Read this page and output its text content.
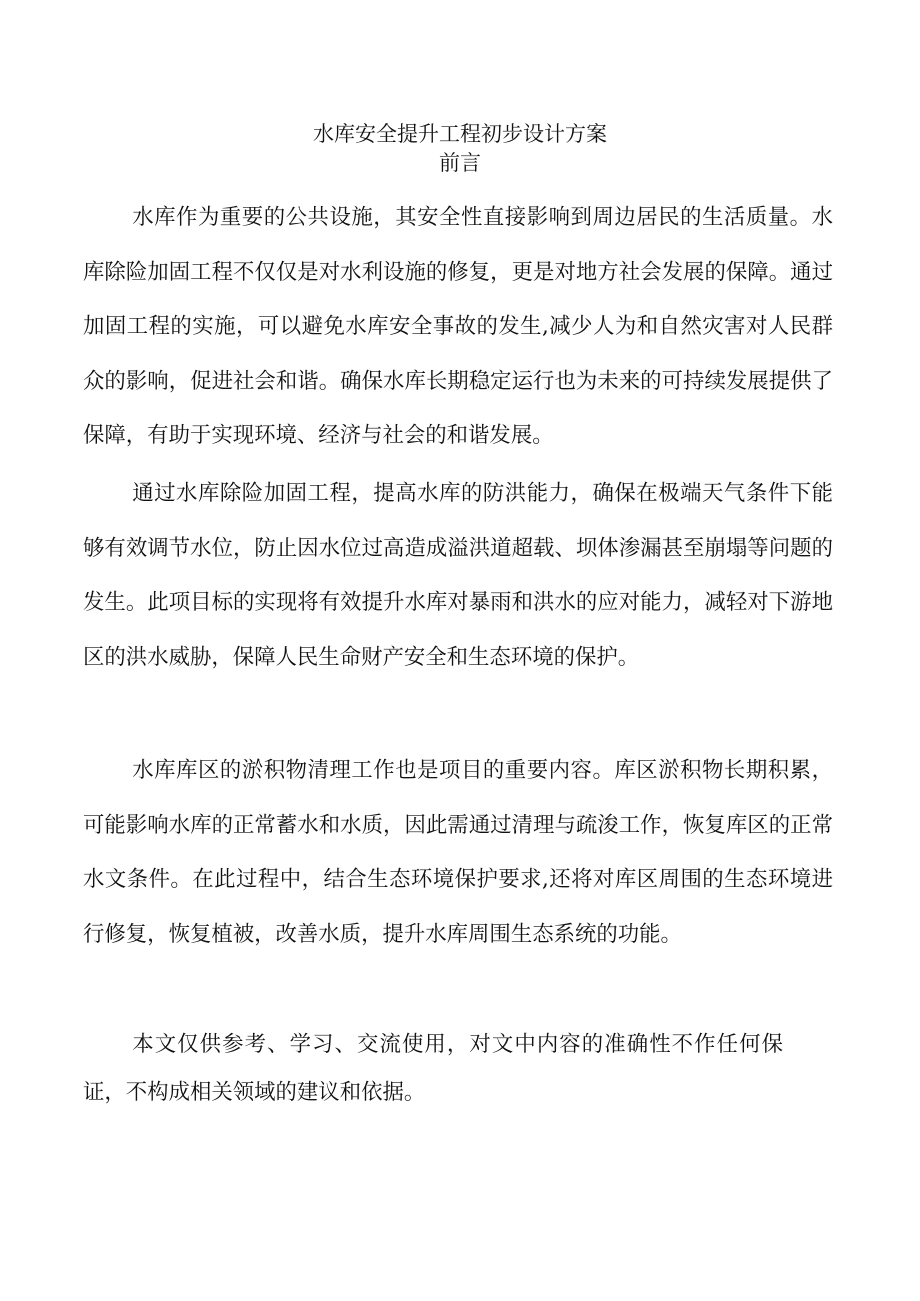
水库安全提升工程初步设计方案
前言

水库作为重要的公共设施，其安全性直接影响到周边居民的生活质量。水库除险加固工程不仅仅是对水利设施的修复，更是对地方社会发展的保障。通过加固工程的实施，可以避免水库安全事故的发生,减少人为和自然灾害对人民群众的影响，促进社会和谐。确保水库长期稳定运行也为未来的可持续发展提供了保障，有助于实现环境、经济与社会的和谐发展。

通过水库除险加固工程，提高水库的防洪能力，确保在极端天气条件下能够有效调节水位，防止因水位过高造成溢洪道超载、坝体渗漏甚至崩塌等问题的发生。此项目标的实现将有效提升水库对暴雨和洪水的应对能力，减轻对下游地区的洪水威胁，保障人民生命财产安全和生态环境的保护。

水库库区的淤积物清理工作也是项目的重要内容。库区淤积物长期积累，可能影响水库的正常蓄水和水质，因此需通过清理与疏浚工作，恢复库区的正常水文条件。在此过程中，结合生态环境保护要求,还将对库区周围的生态环境进行修复，恢复植被，改善水质，提升水库周围生态系统的功能。

本文仅供参考、学习、交流使用，对文中内容的准确性不作任何保证，不构成相关领域的建议和依据。
